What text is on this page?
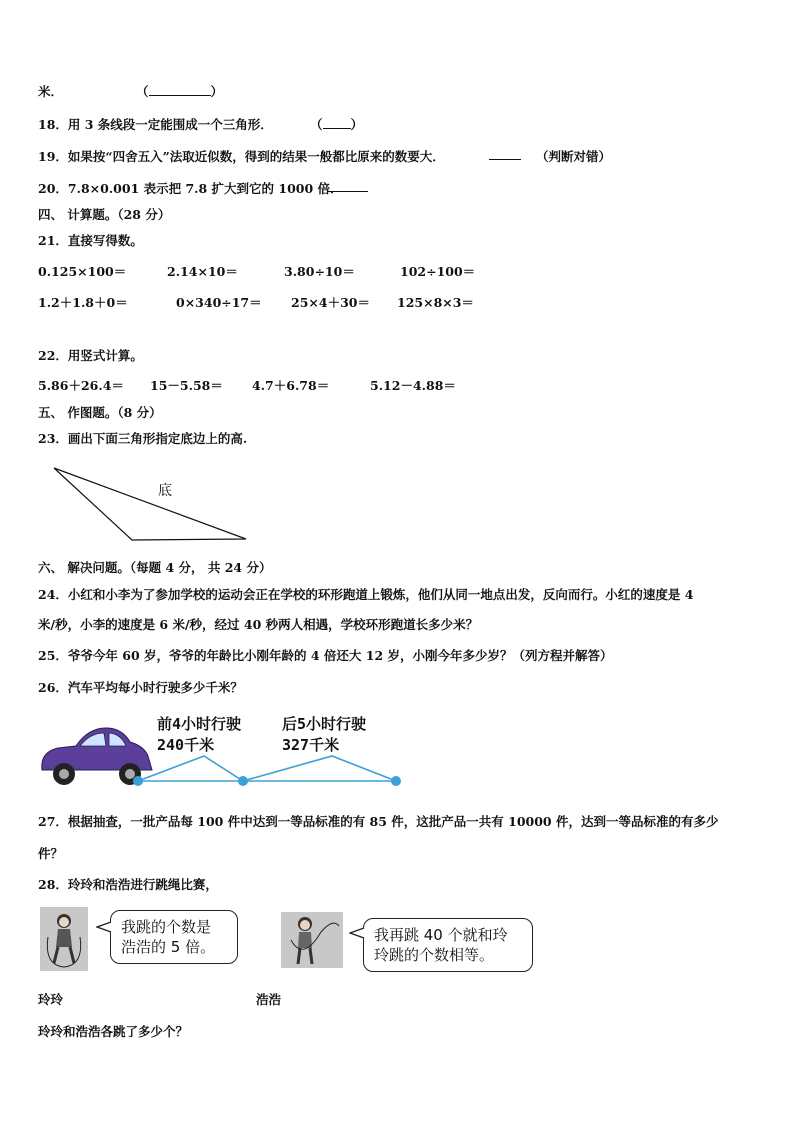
米．	（	）
18．用 3 条线段一定能围成一个三角形．	（ ）
19．如果按“四舍五入”法取近似数，得到的结果一般都比原来的数要大．	（判断对错）
20．7.8×0.001 表示把 7.8 扩大到它的 1000 倍．
四、 计算题。（28 分）
21．直接写得数。
0.125×100＝	2.14×10＝	3.80÷10＝	102÷100＝
1.2＋1.8＋0＝	0×340÷17＝ 25×4＋30＝ 125×8×3＝
22．用竖式计算。
5.86＋26.4＝ 15－5.58＝ 4.7＋6.78＝	5.12－4.88＝
五、 作图题。（8 分）
23．画出下面三角形指定底边上的高.
底
六、 解决问题。（每题 4 分， 共 24 分）
24．小红和小李为了参加学校的运动会正在学校的环形跑道上锻炼，他们从同一地点出发，反向而行。小红的速度是 4
米/秒，小李的速度是 6 米/秒，经过 40 秒两人相遇，学校环形跑道长多少米？
25．爷爷今年 60 岁，爷爷的年龄比小刚年龄的 4 倍还大 12 岁，小刚今年多少岁？（列方程并解答）
26．汽车平均每小时行驶多少千米？
前4小时行驶
240千米
后5小时行驶
327千米
27．根据抽查，一批产品每 100 件中达到一等品标准的有 85 件，这批产品一共有 10000 件，达到一等品标准的有多少
件？
28．玲玲和浩浩进行跳绳比赛，
我跳的个数是
浩浩的 5 倍。
我再跳 40 个就和玲
玲跳的个数相等。
玲玲	浩浩
玲玲和浩浩各跳了多少个？
